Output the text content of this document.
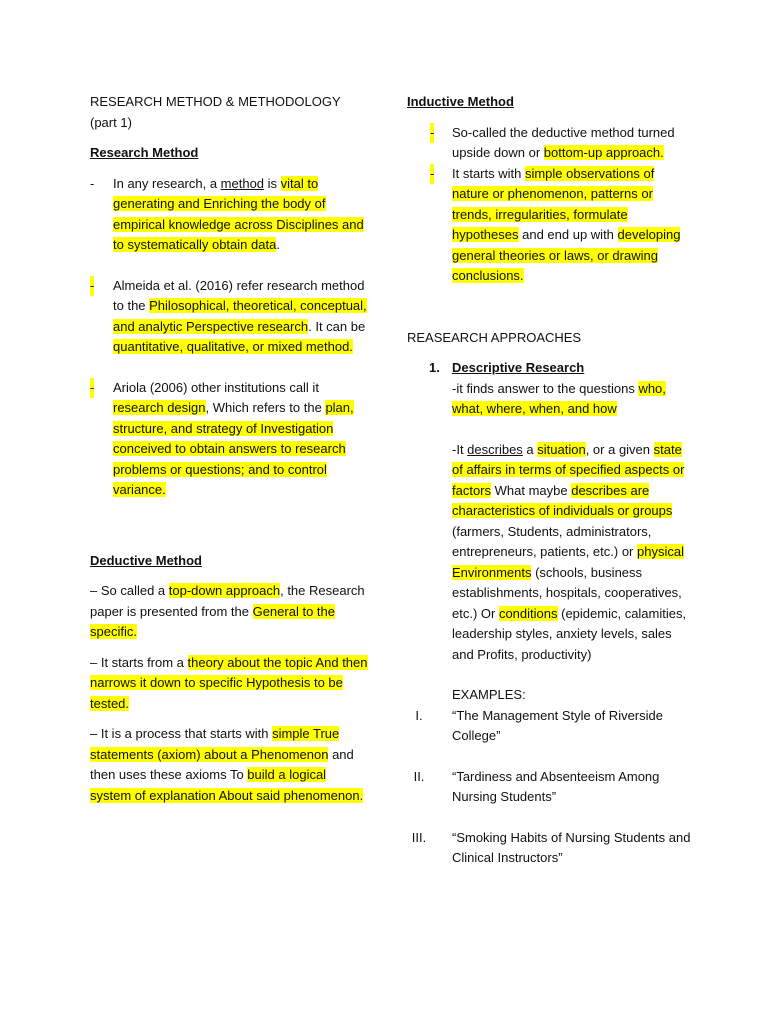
RESEARCH METHOD & METHODOLOGY
(part 1)
Research Method
- In any research, a method is vital to generating and Enriching the body of empirical knowledge across Disciplines and to systematically obtain data.
- Almeida et al. (2016) refer research method to the Philosophical, theoretical, conceptual, and analytic Perspective research. It can be quantitative, qualitative, or mixed method.
- Ariola (2006) other institutions call it research design, Which refers to the plan, structure, and strategy of Investigation conceived to obtain answers to research problems or questions; and to control variance.
Deductive Method
– So called a top-down approach, the Research paper is presented from the General to the specific.
– It starts from a theory about the topic And then narrows it down to specific Hypothesis to be tested.
– It is a process that starts with simple True statements (axiom) about a Phenomenon and then uses these axioms To build a logical system of explanation About said phenomenon.
Inductive Method
- So-called the deductive method turned upside down or bottom-up approach.
- It starts with simple observations of nature or phenomenon, patterns or trends, irregularities, formulate hypotheses and end up with developing general theories or laws, or drawing conclusions.
REASEARCH APPROACHES
1. Descriptive Research
-it finds answer to the questions who, what, where, when, and how
-It describes a situation, or a given state of affairs in terms of specified aspects or factors What maybe describes are characteristics of individuals or groups (farmers, Students, administrators, entrepreneurs, patients, etc.) or physical Environments (schools, business establishments, hospitals, cooperatives, etc.) Or conditions (epidemic, calamities, leadership styles, anxiety levels, sales and Profits, productivity)
EXAMPLES:
I.	“The Management Style of Riverside College”
II.	“Tardiness and Absenteeism Among Nursing Students”
III.	“Smoking Habits of Nursing Students and Clinical Instructors”
